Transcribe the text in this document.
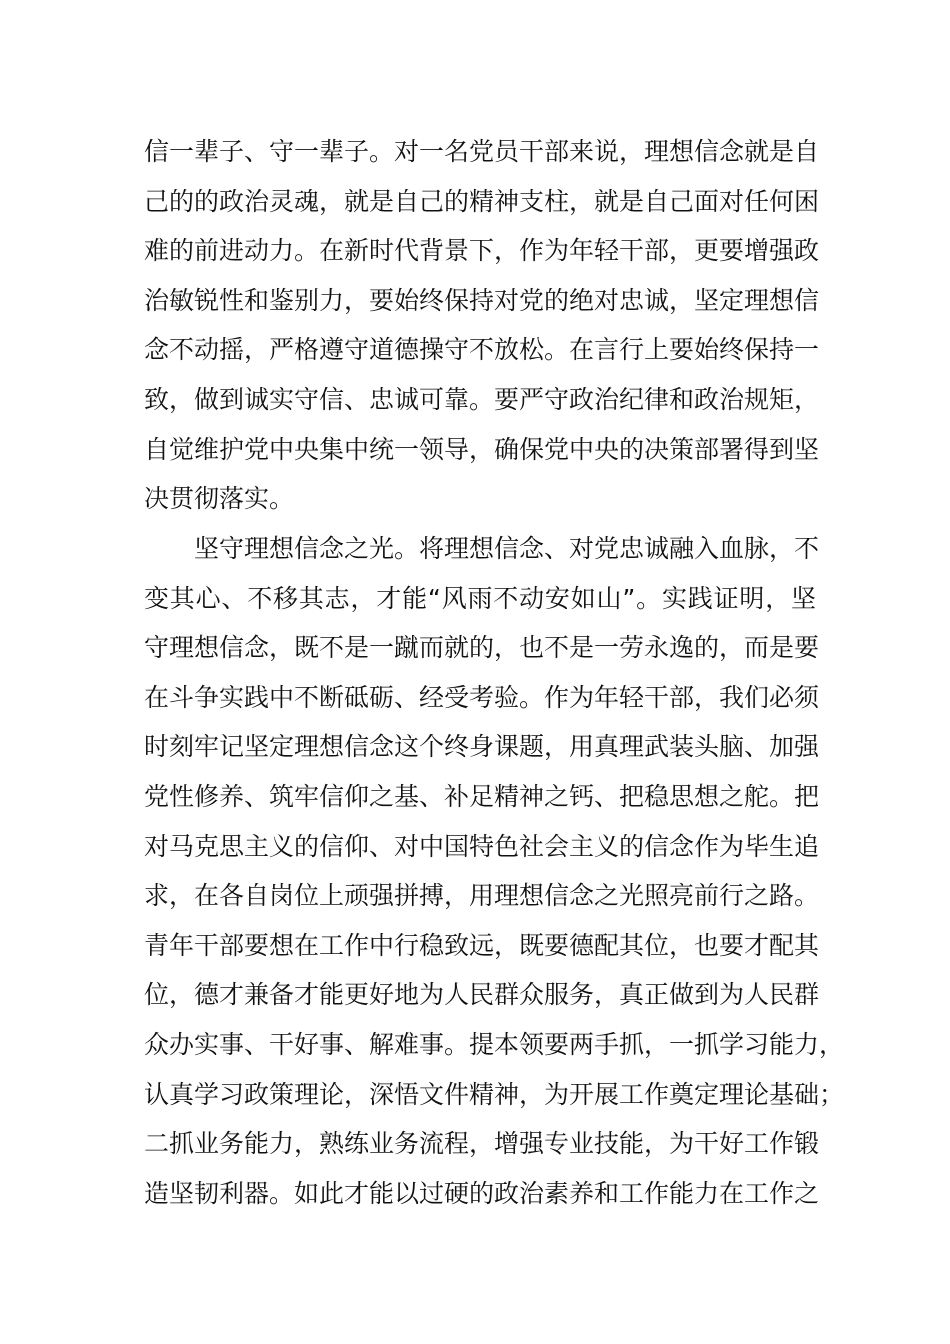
信一辈子、守一辈子。对一名党员干部来说，理想信念就是自
己的的政治灵魂，就是自己的精神支柱，就是自己面对任何困
难的前进动力。在新时代背景下，作为年轻干部，更要增强政
治敏锐性和鉴别力，要始终保持对党的绝对忠诚，坚定理想信
念不动摇，严格遵守道德操守不放松。在言行上要始终保持一
致，做到诚实守信、忠诚可靠。要严守政治纪律和政治规矩，
自觉维护党中央集中统一领导，确保党中央的决策部署得到坚
决贯彻落实。
坚守理想信念之光。将理想信念、对党忠诚融入血脉，不
变其心、不移其志，才能“风雨不动安如山”。实践证明，坚
守理想信念，既不是一蹴而就的，也不是一劳永逸的，而是要
在斗争实践中不断砥砺、经受考验。作为年轻干部，我们必须
时刻牢记坚定理想信念这个终身课题，用真理武装头脑、加强
党性修养、筑牢信仰之基、补足精神之钙、把稳思想之舵。把
对马克思主义的信仰、对中国特色社会主义的信念作为毕生追
求，在各自岗位上顽强拼搏，用理想信念之光照亮前行之路。
青年干部要想在工作中行稳致远，既要德配其位，也要才配其
位，德才兼备才能更好地为人民群众服务，真正做到为人民群
众办实事、干好事、解难事。提本领要两手抓，一抓学习能力，
认真学习政策理论，深悟文件精神，为开展工作奠定理论基础；
二抓业务能力，熟练业务流程，增强专业技能，为干好工作锻
造坚韧利器。如此才能以过硬的政治素养和工作能力在工作之
